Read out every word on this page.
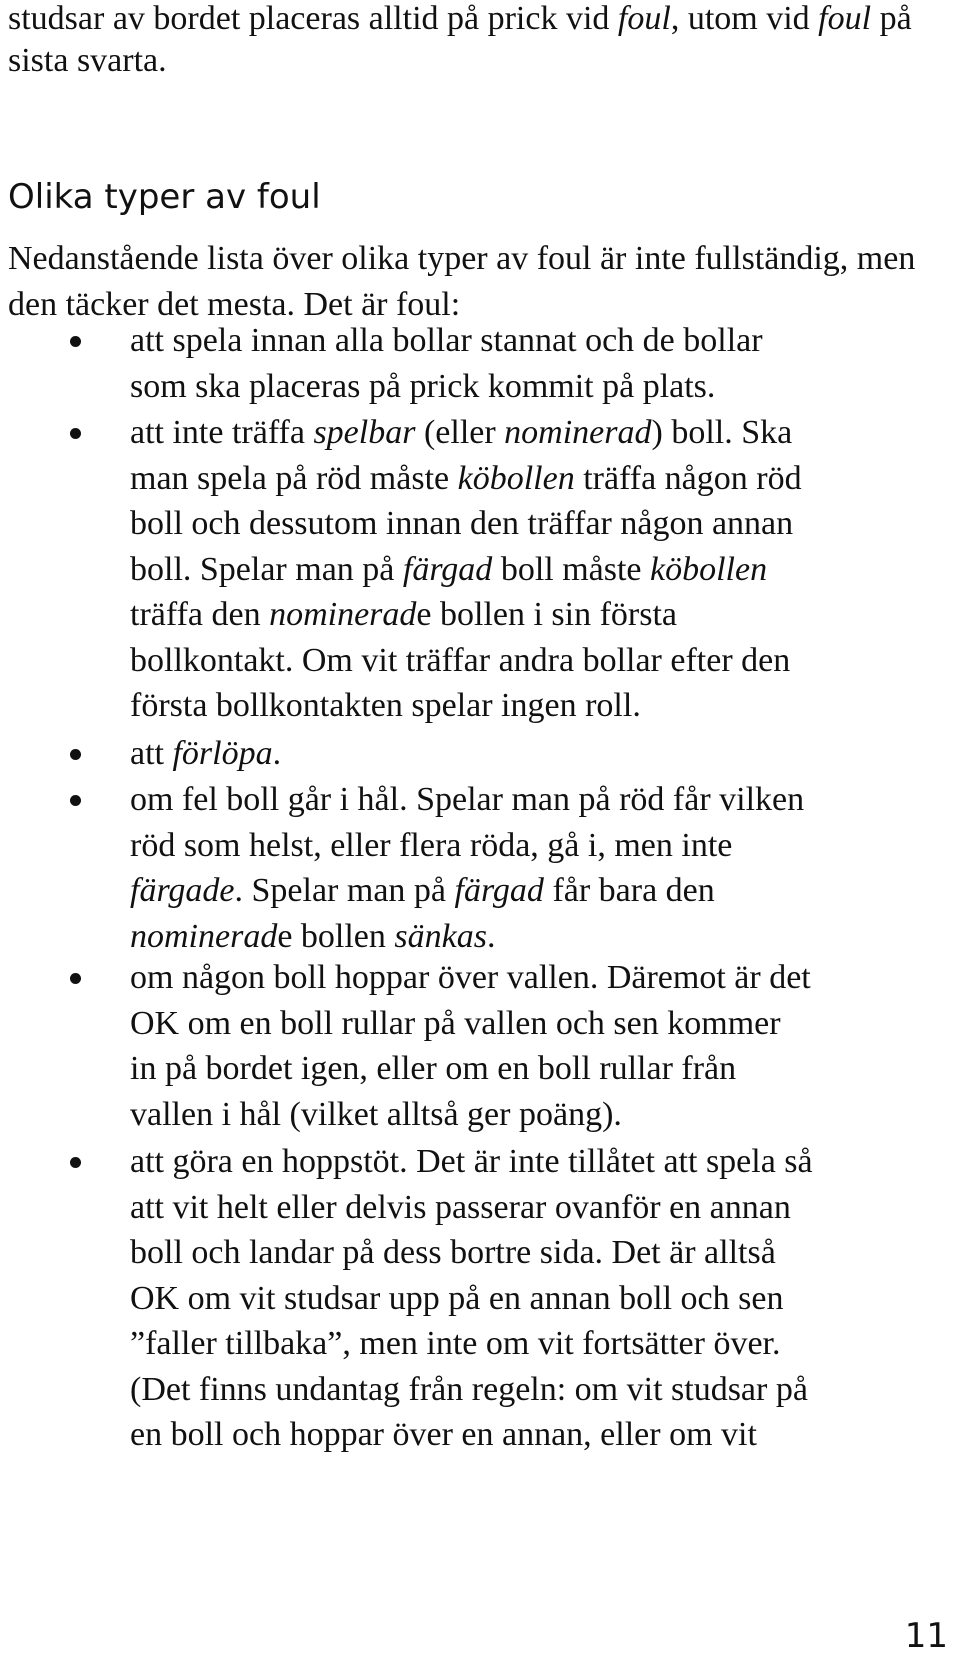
studsar av bordet placeras alltid på prick vid foul, utom vid foul på sista svarta.
Olika typer av foul
Nedanstående lista över olika typer av foul är inte fullständig, men den täcker det mesta. Det är foul:
att spela innan alla bollar stannat och de bollar
som ska placeras på prick kommit på plats.
att inte träffa spelbar (eller nominerad) boll. Ska
man spela på röd måste köbollen träffa någon röd
boll och dessutom innan den träffar någon annan
boll. Spelar man på färgad boll måste köbollen
träffa den nominerade bollen i sin första
bollkontakt. Om vit träffar andra bollar efter den
första bollkontakten spelar ingen roll.
att förlöpa.
om fel boll går i hål. Spelar man på röd får vilken
röd som helst, eller flera röda, gå i, men inte
färgade. Spelar man på färgad får bara den
nominerade bollen sänkas.
om någon boll hoppar över vallen. Däremot är det
OK om en boll rullar på vallen och sen kommer
in på bordet igen, eller om en boll rullar från
vallen i hål (vilket alltså ger poäng).
att göra en hoppstöt. Det är inte tillåtet att spela så
att vit helt eller delvis passerar ovanför en annan
boll och landar på dess bortre sida. Det är alltså
OK om vit studsar upp på en annan boll och sen
”faller tillbaka”, men inte om vit fortsätter över.
(Det finns undantag från regeln: om vit studsar på
en boll och hoppar över en annan, eller om vit
11
